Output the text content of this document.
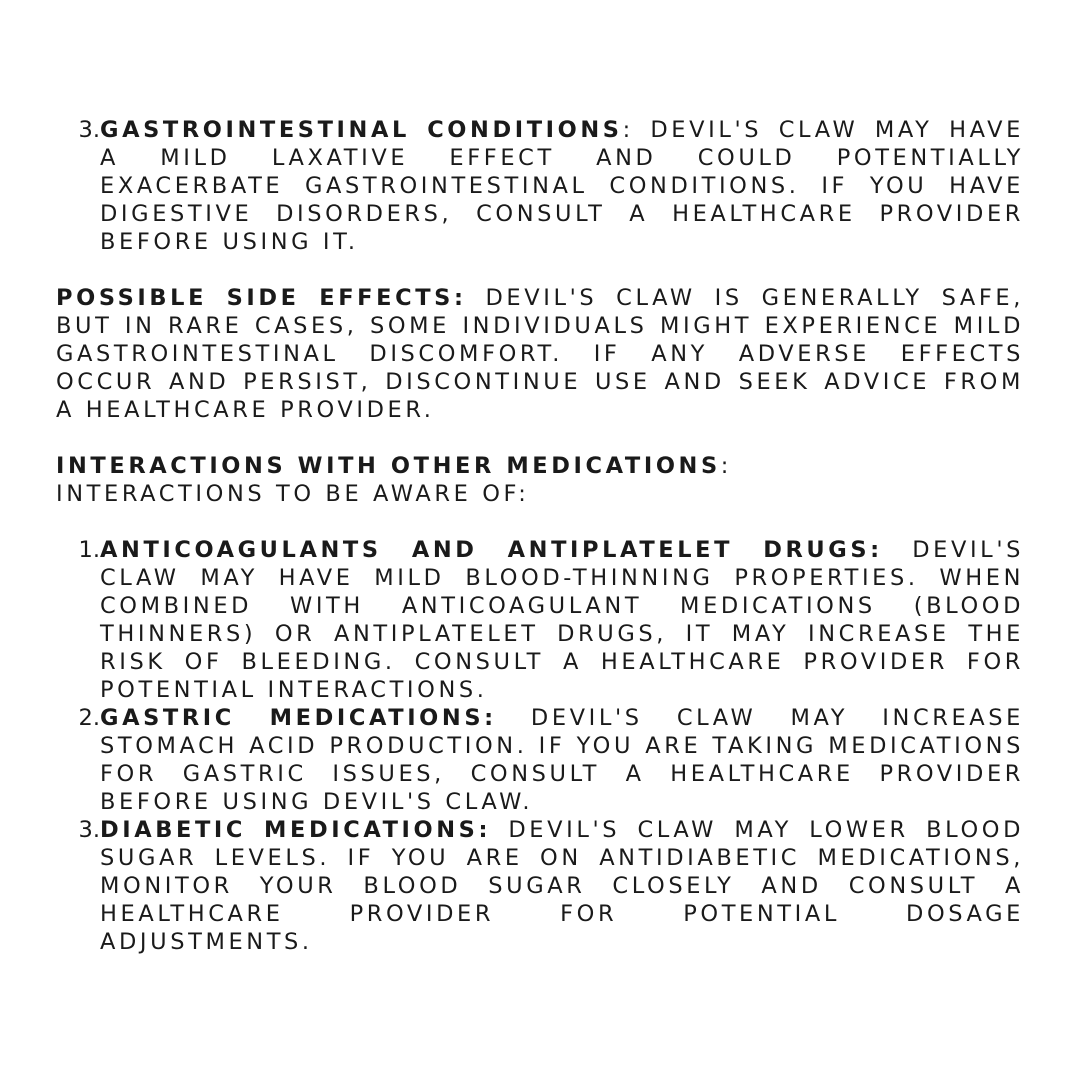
3. GASTROINTESTINAL CONDITIONS: DEVIL'S CLAW MAY HAVE A MILD LAXATIVE EFFECT AND COULD POTENTIALLY EXACERBATE GASTROINTESTINAL CONDITIONS. IF YOU HAVE DIGESTIVE DISORDERS, CONSULT A HEALTHCARE PROVIDER BEFORE USING IT.

POSSIBLE SIDE EFFECTS: DEVIL'S CLAW IS GENERALLY SAFE, BUT IN RARE CASES, SOME INDIVIDUALS MIGHT EXPERIENCE MILD GASTROINTESTINAL DISCOMFORT. IF ANY ADVERSE EFFECTS OCCUR AND PERSIST, DISCONTINUE USE AND SEEK ADVICE FROM A HEALTHCARE PROVIDER.

INTERACTIONS WITH OTHER MEDICATIONS:
INTERACTIONS TO BE AWARE OF:

1. ANTICOAGULANTS AND ANTIPLATELET DRUGS: DEVIL'S CLAW MAY HAVE MILD BLOOD-THINNING PROPERTIES. WHEN COMBINED WITH ANTICOAGULANT MEDICATIONS (BLOOD THINNERS) OR ANTIPLATELET DRUGS, IT MAY INCREASE THE RISK OF BLEEDING. CONSULT A HEALTHCARE PROVIDER FOR POTENTIAL INTERACTIONS.
2. GASTRIC MEDICATIONS: DEVIL'S CLAW MAY INCREASE STOMACH ACID PRODUCTION. IF YOU ARE TAKING MEDICATIONS FOR GASTRIC ISSUES, CONSULT A HEALTHCARE PROVIDER BEFORE USING DEVIL'S CLAW.
3. DIABETIC MEDICATIONS: DEVIL'S CLAW MAY LOWER BLOOD SUGAR LEVELS. IF YOU ARE ON ANTIDIABETIC MEDICATIONS, MONITOR YOUR BLOOD SUGAR CLOSELY AND CONSULT A HEALTHCARE PROVIDER FOR POTENTIAL DOSAGE ADJUSTMENTS.
